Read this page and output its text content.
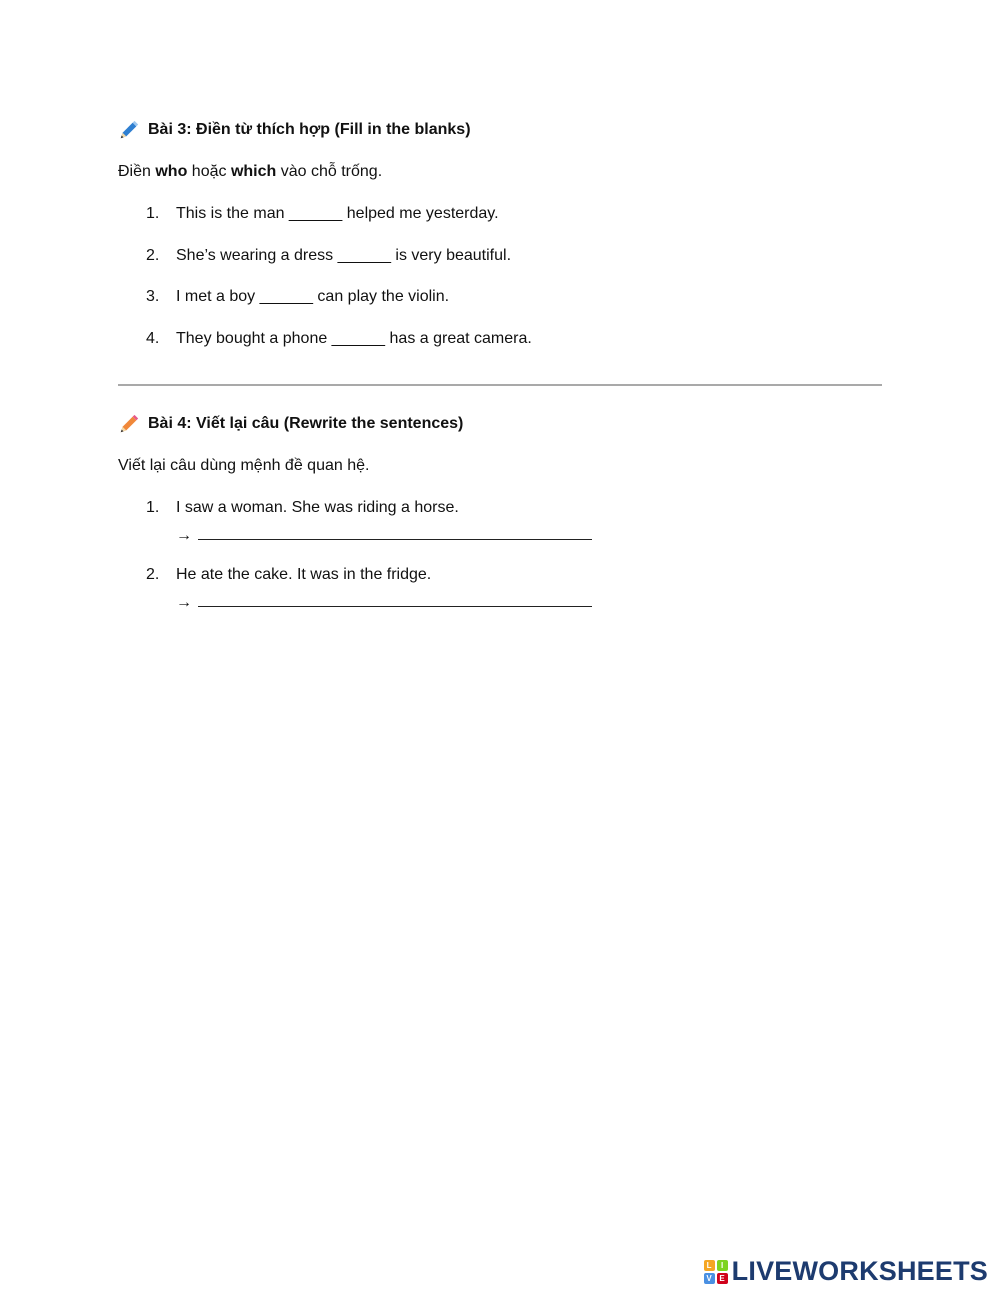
Bài 3: Điền từ thích hợp (Fill in the blanks)
Điền who hoặc which vào chỗ trống.
1.	This is the man ______ helped me yesterday.
2.	She’s wearing a dress ______ is very beautiful.
3.	I met a boy ______ can play the violin.
4.	They bought a phone ______ has a great camera.
Bài 4: Viết lại câu (Rewrite the sentences)
Viết lại câu dùng mệnh đề quan hệ.
1.	I saw a woman. She was riding a horse.
→
2.	He ate the cake. It was in the fridge.
→
L	I
V E LIVEWORKSHEETS
